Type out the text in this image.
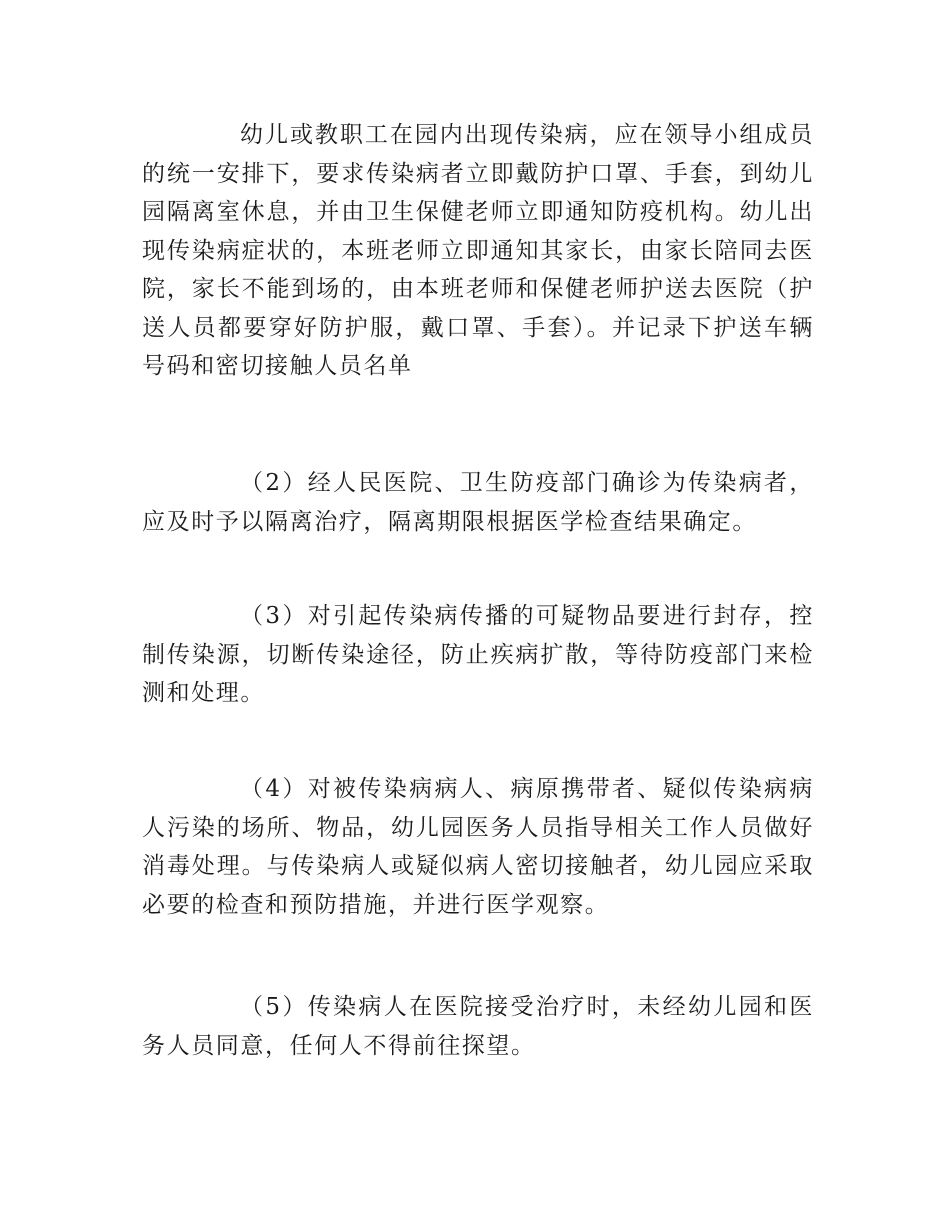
幼儿或教职工在园内出现传染病，应在领导小组成员的统一安排下，要求传染病者立即戴防护口罩、手套，到幼儿园隔离室休息，并由卫生保健老师立即通知防疫机构。幼儿出现传染病症状的，本班老师立即通知其家长，由家长陪同去医院，家长不能到场的，由本班老师和保健老师护送去医院（护送人员都要穿好防护服，戴口罩、手套）。并记录下护送车辆号码和密切接触人员名单

（2）经人民医院、卫生防疫部门确诊为传染病者，应及时予以隔离治疗，隔离期限根据医学检查结果确定。

（3）对引起传染病传播的可疑物品要进行封存，控制传染源，切断传染途径，防止疾病扩散，等待防疫部门来检测和处理。

（4）对被传染病病人、病原携带者、疑似传染病病人污染的场所、物品，幼儿园医务人员指导相关工作人员做好消毒处理。与传染病人或疑似病人密切接触者，幼儿园应采取必要的检查和预防措施，并进行医学观察。

（5）传染病人在医院接受治疗时，未经幼儿园和医务人员同意，任何人不得前往探望。
